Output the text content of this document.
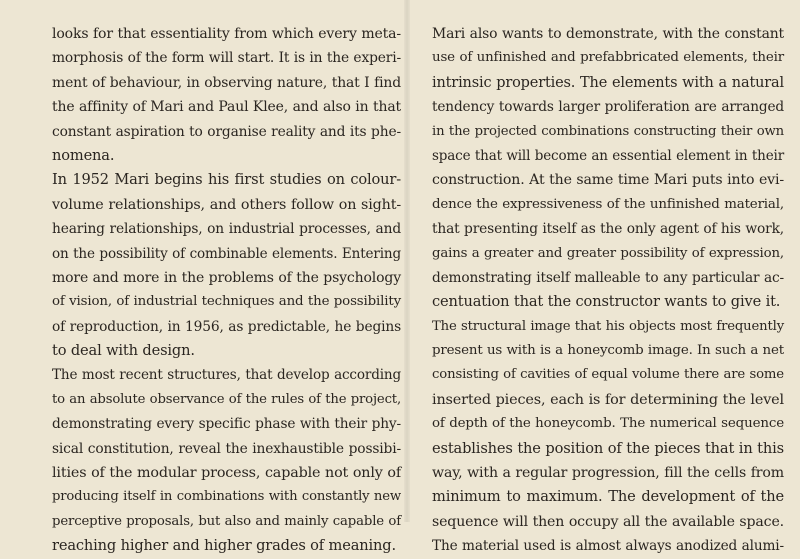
looks for that essentiality from which every meta-
morphosis of the form will start. It is in the experi-
ment of behaviour, in observing nature, that I find
the affinity of Mari and Paul Klee, and also in that
constant aspiration to organise reality and its phe-
nomena.
In 1952 Mari begins his first studies on colour-
volume relationships, and others follow on sight-
hearing relationships, on industrial processes, and
on the possibility of combinable elements. Entering
more and more in the problems of the psychology
of vision, of industrial techniques and the possibility
of reproduction, in 1956, as predictable, he begins
to deal with design.
The most recent structures, that develop according
to an absolute observance of the rules of the project,
demonstrating every specific phase with their phy-
sical constitution, reveal the inexhaustible possibi-
lities of the modular process, capable not only of
producing itself in combinations with constantly new
perceptive proposals, but also and mainly capable of
reaching higher and higher grades of meaning.
Mari also wants to demonstrate, with the constant
use of unfinished and prefabbricated elements, their
intrinsic properties. The elements with a natural
tendency towards larger proliferation are arranged
in the projected combinations constructing their own
space that will become an essential element in their
construction. At the same time Mari puts into evi-
dence the expressiveness of the unfinished material,
that presenting itself as the only agent of his work,
gains a greater and greater possibility of expression,
demonstrating itself malleable to any particular ac-
centuation that the constructor wants to give it.
The structural image that his objects most frequently
present us with is a honeycomb image. In such a net
consisting of cavities of equal volume there are some
inserted pieces, each is for determining the level
of depth of the honeycomb. The numerical sequence
establishes the position of the pieces that in this
way, with a regular progression, fill the cells from
minimum to maximum. The development of the
sequence will then occupy all the available space.
The material used is almost always anodized alumi-
